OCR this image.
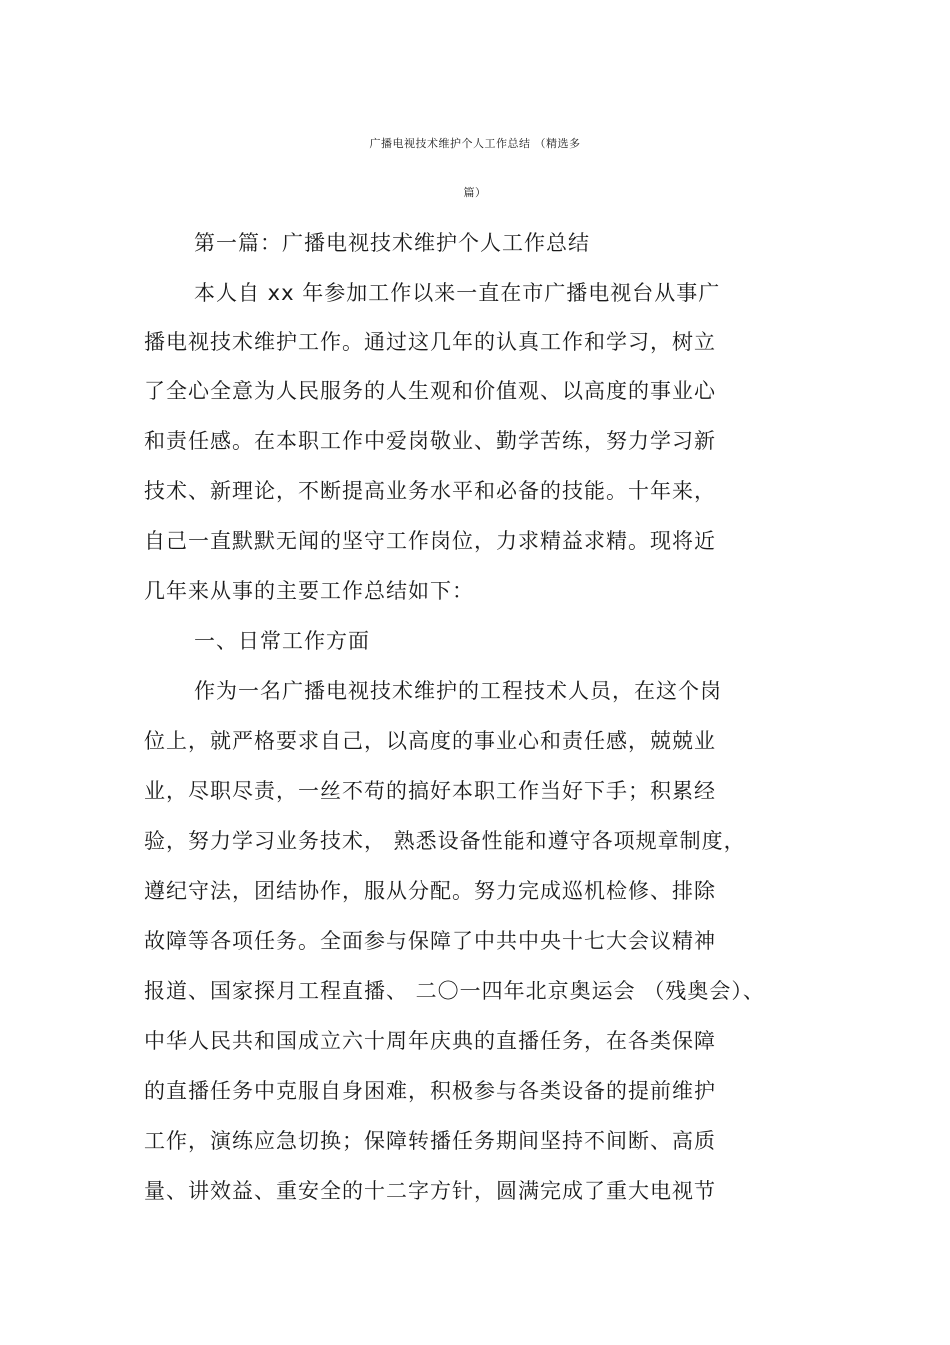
广播电视技术维护个人工作总结 （精选多
篇）
第一篇：广播电视技术维护个人工作总结
本人自 xx 年参加工作以来一直在市广播电视台从事广
播电视技术维护工作。通过这几年的认真工作和学习，树立
了全心全意为人民服务的人生观和价值观、以高度的事业心
和责任感。在本职工作中爱岗敬业、勤学苦练，努力学习新
技术、新理论，不断提高业务水平和必备的技能。十年来，
自己一直默默无闻的坚守工作岗位，力求精益求精。现将近
几年来从事的主要工作总结如下：
一、日常工作方面
作为一名广播电视技术维护的工程技术人员，在这个岗
位上，就严格要求自己，以高度的事业心和责任感，兢兢业
业，尽职尽责，一丝不苟的搞好本职工作当好下手；积累经
验，努力学习业务技术， 熟悉设备性能和遵守各项规章制度，
遵纪守法，团结协作，服从分配。努力完成巡机检修、排除
故障等各项任务。全面参与保障了中共中央十七大会议精神
报道、国家探月工程直播、 二〇一四年北京奥运会 （残奥会）、
中华人民共和国成立六十周年庆典的直播任务，在各类保障
的直播任务中克服自身困难，积极参与各类设备的提前维护
工作，演练应急切换；保障转播任务期间坚持不间断、高质
量、讲效益、重安全的十二字方针，圆满完成了重大电视节
